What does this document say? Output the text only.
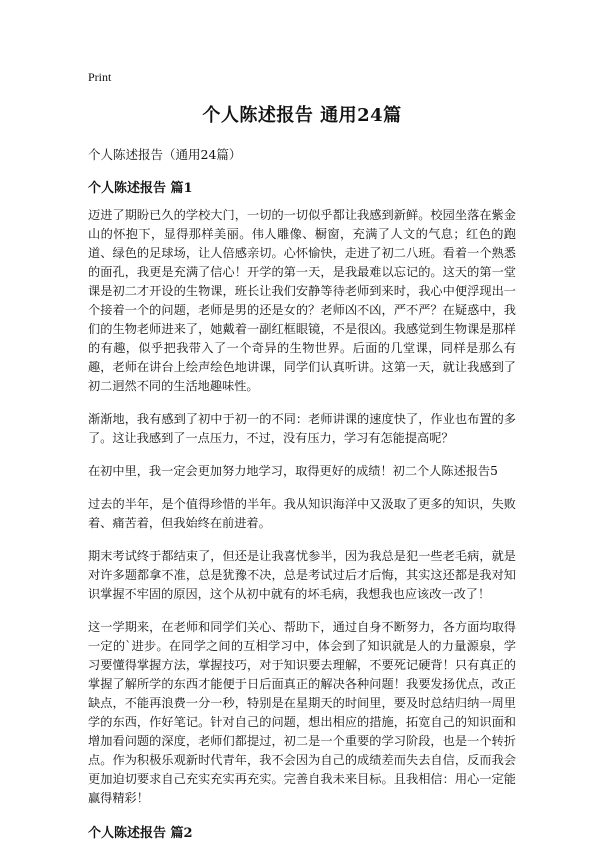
Print
个人陈述报告 通用24篇
个人陈述报告（通用24篇）
个人陈述报告 篇1

迈进了期盼已久的学校大门，一切的一切似乎都让我感到新鲜。校园坐落在紫金山的怀抱下，显得那样美丽。伟人雕像、橱窗，充满了人文的气息；红色的跑道、绿色的足球场，让人倍感亲切。心怀愉快，走进了初二八班。看着一个熟悉的面孔，我更是充满了信心！开学的第一天，是我最难以忘记的。这天的第一堂课是初二才开设的生物课，班长让我们安静等待老师到来时，我心中便浮现出一个接着一个的问题，老师是男的还是女的？老师凶不凶，严不严？在疑惑中，我们的生物老师进来了，她戴着一副红框眼镜，不是很凶。我感觉到生物课是那样的有趣，似乎把我带入了一个奇异的生物世界。后面的几堂课，同样是那么有趣，老师在讲台上绘声绘色地讲课，同学们认真听讲。这第一天，就让我感到了初二迥然不同的生活地趣味性。

渐渐地，我有感到了初中于初一的不同：老师讲课的速度快了，作业也布置的多了。这让我感到了一点压力，不过，没有压力，学习有怎能提高呢？

在初中里，我一定会更加努力地学习，取得更好的成绩！初二个人陈述报告5

过去的半年，是个值得珍惜的半年。我从知识海洋中又汲取了更多的知识，失败着、痛苦着，但我始终在前进着。

期末考试终于都结束了，但还是让我喜忧参半，因为我总是犯一些老毛病，就是对许多题都拿不准，总是犹豫不决，总是考试过后才后悔，其实这还都是我对知识掌握不牢固的原因，这个从初中就有的坏毛病，我想我也应该改一改了！

这一学期来，在老师和同学们关心、帮助下，通过自身不断努力，各方面均取得一定的`进步。在同学之间的互相学习中，体会到了知识就是人的力量源泉，学习要懂得掌握方法，掌握技巧，对于知识要去理解，不要死记硬背！只有真正的掌握了解所学的东西才能便于日后面真正的解决各种问题！我要发扬优点，改正缺点，不能再浪费一分一秒，特别是在星期天的时间里，要及时总结归纳一周里学的东西，作好笔记。针对自己的问题，想出相应的措施，拓宽自己的知识面和增加看问题的深度，老师们都提过，初二是一个重要的学习阶段，也是一个转折点。作为积极乐观新时代青年，我不会因为自己的成绩差而失去自信，反而我会更加迫切要求自己充实充实再充实。完善自我未来目标。且我相信：用心一定能赢得精彩！

个人陈述报告 篇2
